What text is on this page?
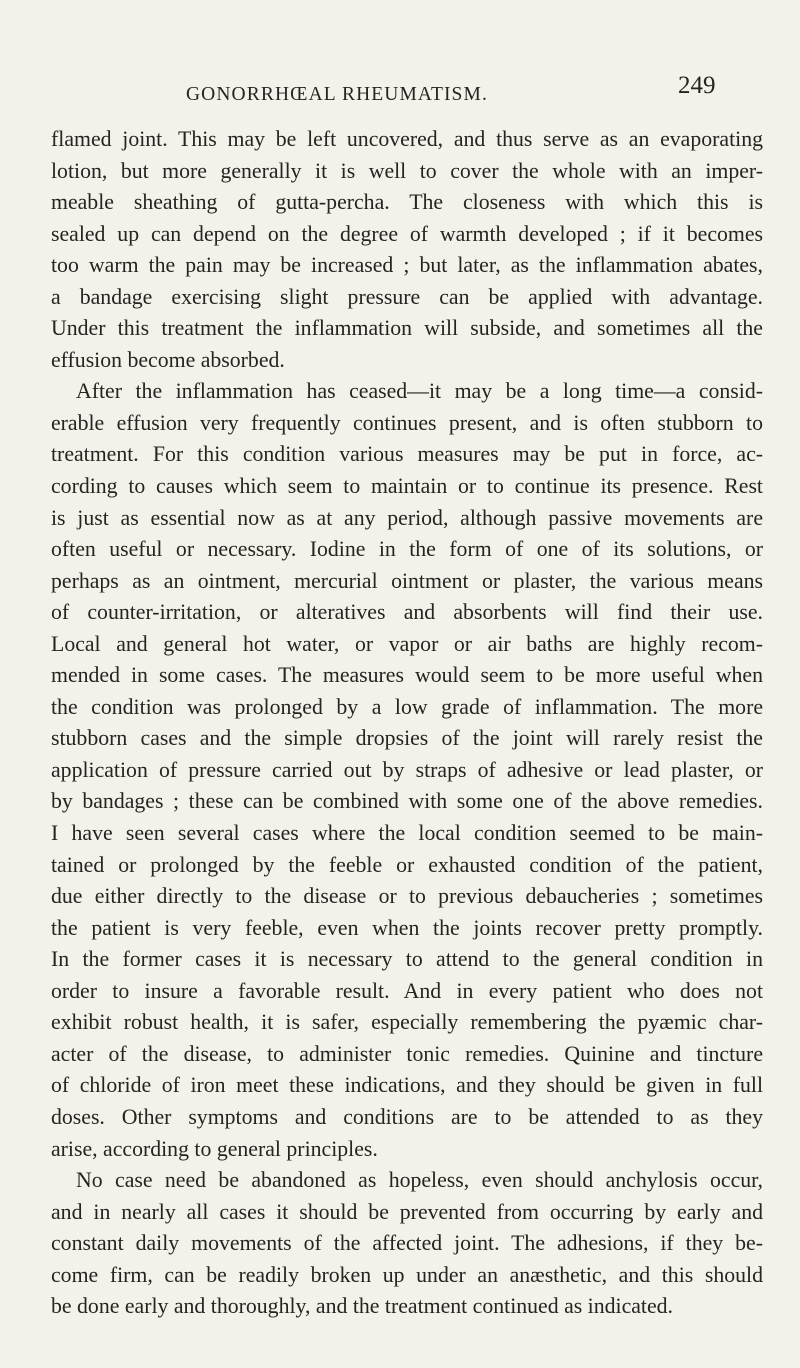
GONORRHŒAL RHEUMATISM.	249
flamed joint. This may be left uncovered, and thus serve as an evaporating
lotion, but more generally it is well to cover the whole with an imper-
meable sheathing of gutta-percha. The closeness with which this is
sealed up can depend on the degree of warmth developed ; if it becomes
too warm the pain may be increased ; but later, as the inflammation abates,
a bandage exercising slight pressure can be applied with advantage.
Under this treatment the inflammation will subside, and sometimes all the
effusion become absorbed.
After the inflammation has ceased—it may be a long time—a consid-
erable effusion very frequently continues present, and is often stubborn to
treatment. For this condition various measures may be put in force, ac-
cording to causes which seem to maintain or to continue its presence. Rest
is just as essential now as at any period, although passive movements are
often useful or necessary. Iodine in the form of one of its solutions, or
perhaps as an ointment, mercurial ointment or plaster, the various means
of counter-irritation, or alteratives and absorbents will find their use.
Local and general hot water, or vapor or air baths are highly recom-
mended in some cases. The measures would seem to be more useful when
the condition was prolonged by a low grade of inflammation. The more
stubborn cases and the simple dropsies of the joint will rarely resist the
application of pressure carried out by straps of adhesive or lead plaster, or
by bandages ; these can be combined with some one of the above remedies.
I have seen several cases where the local condition seemed to be main-
tained or prolonged by the feeble or exhausted condition of the patient,
due either directly to the disease or to previous debaucheries ; sometimes
the patient is very feeble, even when the joints recover pretty promptly.
In the former cases it is necessary to attend to the general condition in
order to insure a favorable result. And in every patient who does not
exhibit robust health, it is safer, especially remembering the pyæmic char-
acter of the disease, to administer tonic remedies. Quinine and tincture
of chloride of iron meet these indications, and they should be given in full
doses. Other symptoms and conditions are to be attended to as they
arise, according to general principles.
No case need be abandoned as hopeless, even should anchylosis occur,
and in nearly all cases it should be prevented from occurring by early and
constant daily movements of the affected joint. The adhesions, if they be-
come firm, can be readily broken up under an anæsthetic, and this should
be done early and thoroughly, and the treatment continued as indicated.
